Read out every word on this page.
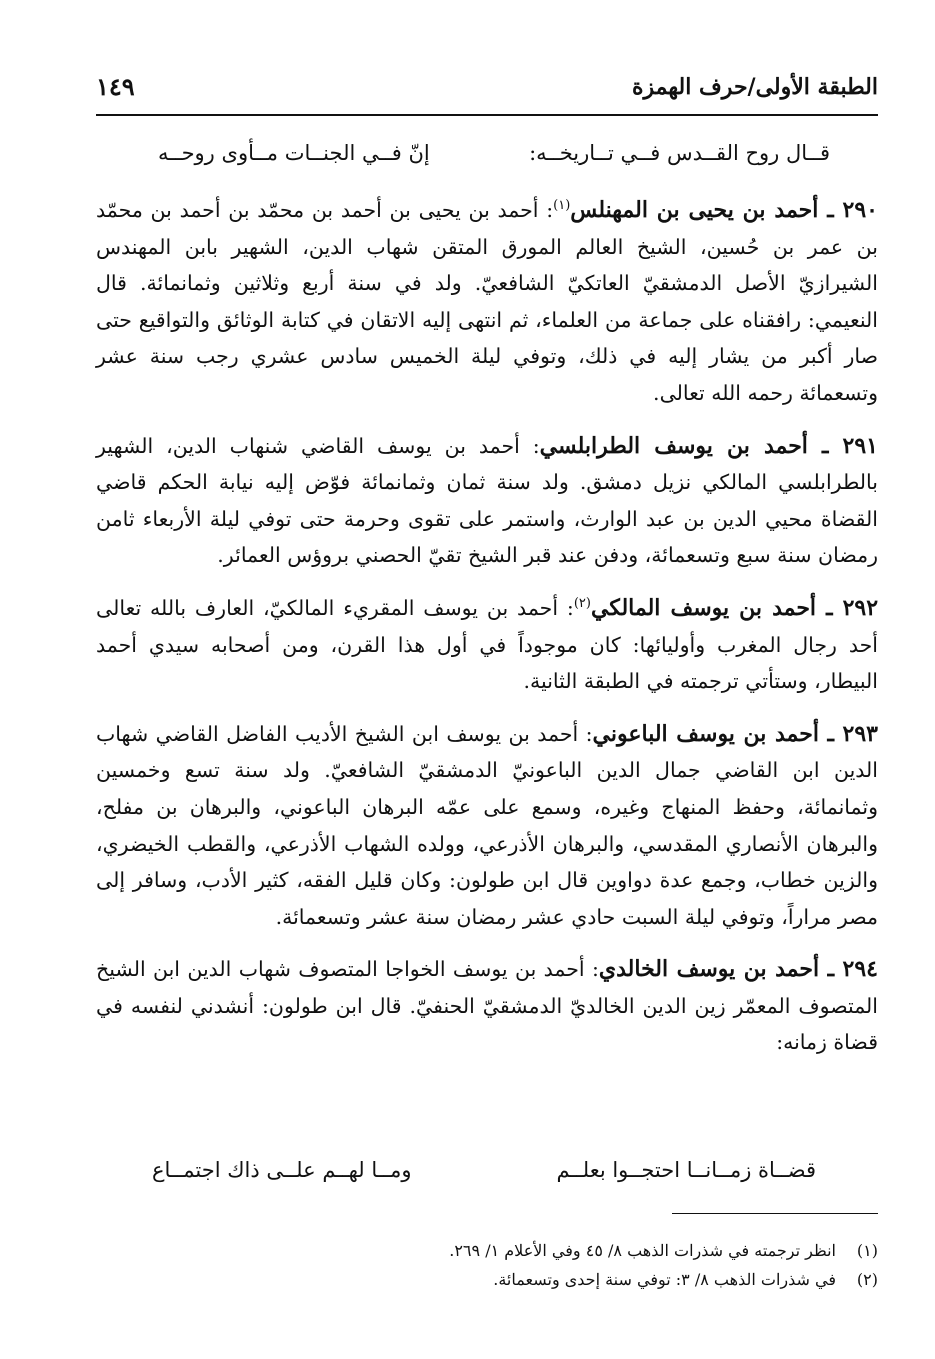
١٤٩	الطبقة الأولى/حرف الهمزة
قــال روح القــدس فــي تــاريخــه:
إنّ فــي الجنــات مــأوى روحــه

٢٩٠ ـ أحمد بن يحيى بن المهنلس$^{(١)}$: أحمد بن يحيى بن أحمد بن محمّد بن أحمد بن محمّد بن عمر بن حُسين، الشيخ العالم المورق المتقن شهاب الدين، الشهير بابن المهندس الشيرازيّ الأصل الدمشقيّ العاتكيّ الشافعيّ. ولد في سنة أربع وثلاثين وثمانمائة. قال النعيمي: رافقناه على جماعة من العلماء، ثم انتهى إليه الاتقان في كتابة الوثائق والتواقيع حتى صار أكبر من يشار إليه في ذلك، وتوفي ليلة الخميس سادس عشري رجب سنة عشر وتسعمائة رحمه الله تعالى.

٢٩١ ـ أحمد بن يوسف الطرابلسي: أحمد بن يوسف القاضي شنهاب الدين، الشهير بالطرابلسي المالكي نزيل دمشق. ولد سنة ثمان وثمانمائة فوّض إليه نيابة الحكم قاضي القضاة محيي الدين بن عبد الوارث، واستمر على تقوى وحرمة حتى توفي ليلة الأربعاء ثامن رمضان سنة سبع وتسعمائة، ودفن عند قبر الشيخ تقيّ الحصني بروؤس العمائر.

٢٩٢ ـ أحمد بن يوسف المالكي$^{(٢)}$: أحمد بن يوسف المقريء المالكيّ، العارف بالله تعالى أحد رجال المغرب وأوليائها: كان موجوداً في أول هذا القرن، ومن أصحابه سيدي أحمد البيطار، وستأتي ترجمته في الطبقة الثانية.

٢٩٣ ـ أحمد بن يوسف الباعوني: أحمد بن يوسف ابن الشيخ الأديب الفاضل القاضي شهاب الدين ابن القاضي جمال الدين الباعونيّ الدمشقيّ الشافعيّ. ولد سنة تسع وخمسين وثمانمائة، وحفظ المنهاج وغيره، وسمع على عمّه البرهان الباعوني، والبرهان بن مفلح، والبرهان الأنصاري المقدسي، والبرهان الأذرعي، وولده الشهاب الأذرعي، والقطب الخيضري، والزين خطاب، وجمع عدة دواوين قال ابن طولون: وكان قليل الفقه، كثير الأدب، وسافر إلى مصر مراراً، وتوفي ليلة السبت حادي عشر رمضان سنة عشر وتسعمائة.

٢٩٤ ـ أحمد بن يوسف الخالدي: أحمد بن يوسف الخواجا المتصوف شهاب الدين ابن الشيخ المتصوف المعمّر زين الدين الخالديّ الدمشقيّ الحنفيّ. قال ابن طولون: أنشدني لنفسه في قضاة زمانه:

قضــاة زمــانــا احتجــوا بعلــم
ومــا لهــم علــى ذاك اجتمــاع
(١)انظر ترجمته في شذرات الذهب ٨/ ٤٥ وفي الأعلام ١/ ٢٦٩.
(٢)في شذرات الذهب ٨/ ٣: توفي سنة إحدى وتسعمائة.
